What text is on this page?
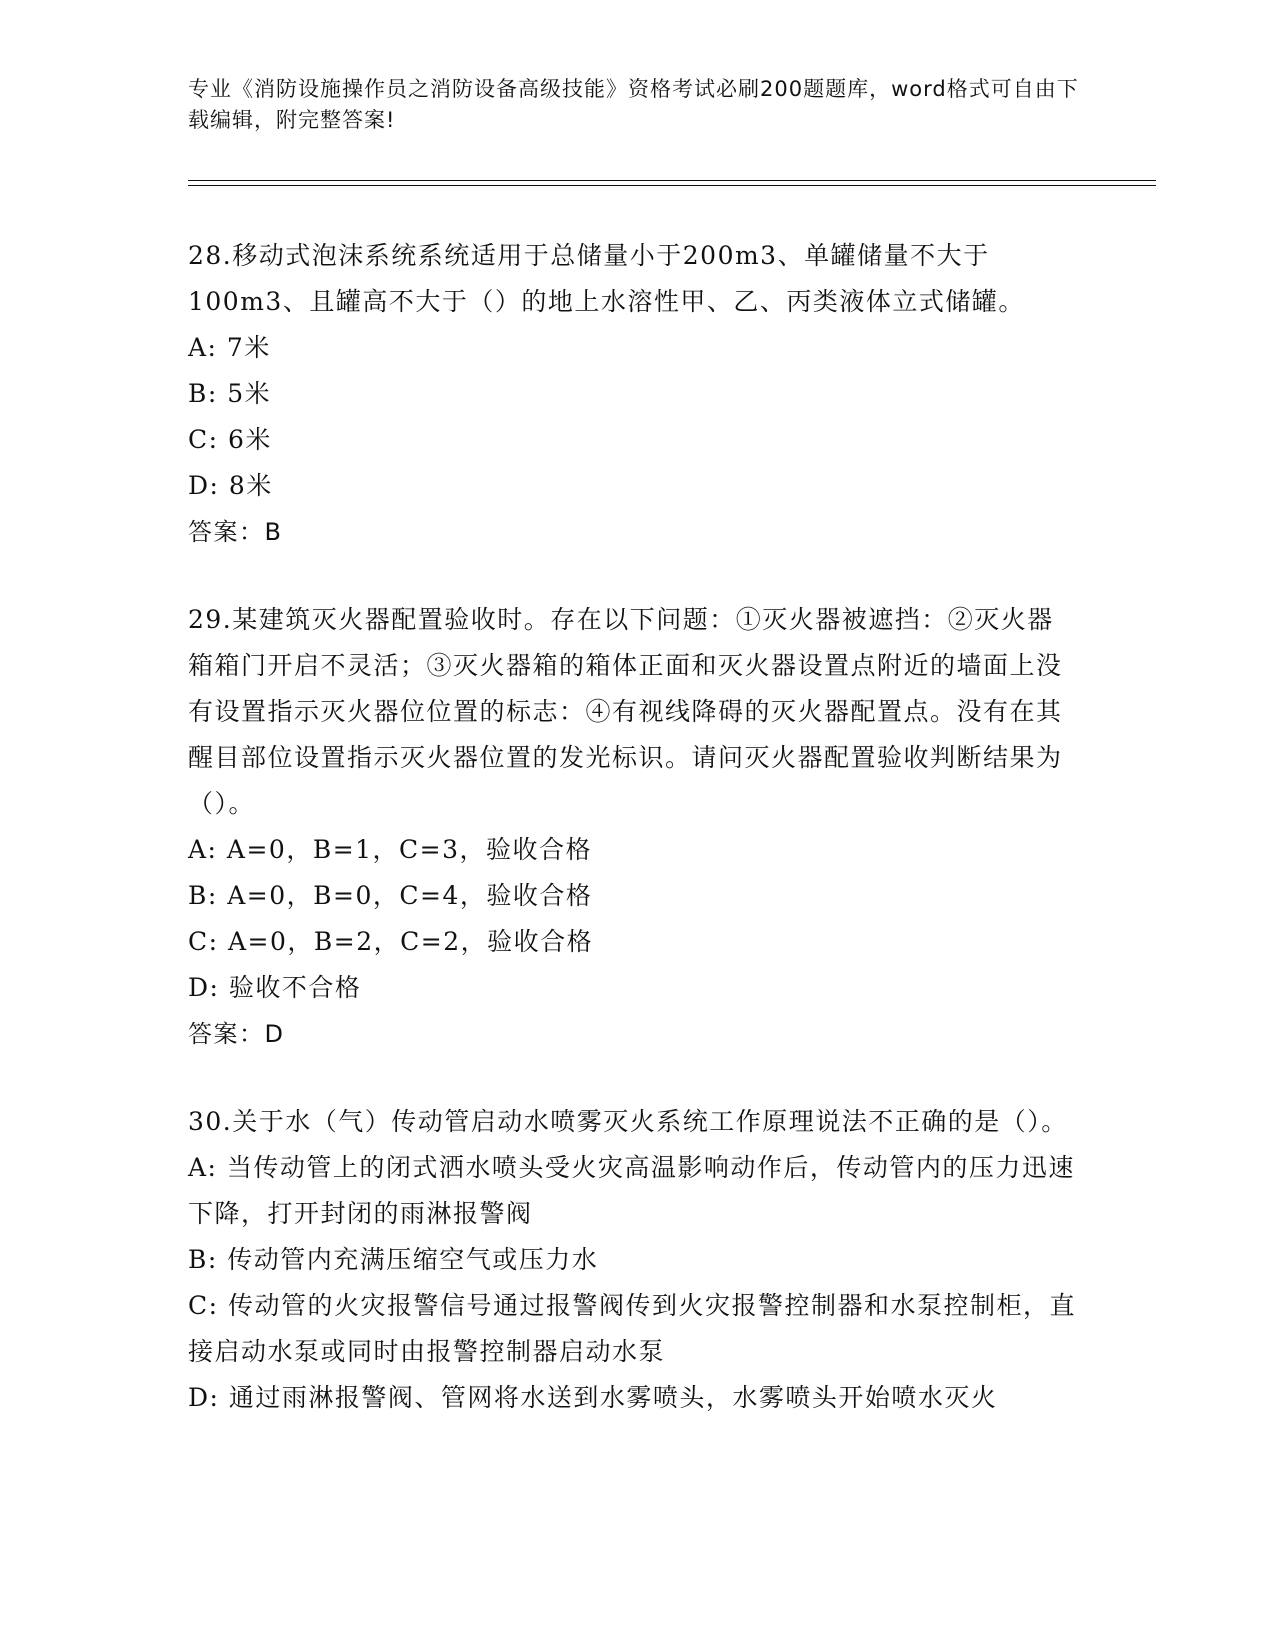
专业《消防设施操作员之消防设备高级技能》资格考试必刷200题题库，word格式可自由下载编辑，附完整答案!

28.移动式泡沫系统系统适用于总储量小于200m3、单罐储量不大于100m3、且罐高不大于（）的地上水溶性甲、乙、丙类液体立式储罐。

A: 7米

B: 5米

C: 6米

D: 8米

答案：B

29.某建筑灭火器配置验收时。存在以下问题：①灭火器被遮挡：②灭火器箱箱门开启不灵活；③灭火器箱的箱体正面和灭火器设置点附近的墙面上没有设置指示灭火器位位置的标志：④有视线降碍的灭火器配置点。没有在其醒目部位设置指示灭火器位置的发光标识。请问灭火器配置验收判断结果为（）。

A: A=0，B=1，C=3，验收合格

B: A=0，B=0，C=4，验收合格

C: A=0，B=2，C=2，验收合格

D: 验收不合格

答案：D

30.关于水（气）传动管启动水喷雾灭火系统工作原理说法不正确的是（）。

A: 当传动管上的闭式洒水喷头受火灾高温影响动作后，传动管内的压力迅速下降，打开封闭的雨淋报警阀

B: 传动管内充满压缩空气或压力水

C: 传动管的火灾报警信号通过报警阀传到火灾报警控制器和水泵控制柜，直接启动水泵或同时由报警控制器启动水泵

D: 通过雨淋报警阀、管网将水送到水雾喷头，水雾喷头开始喷水灭火
